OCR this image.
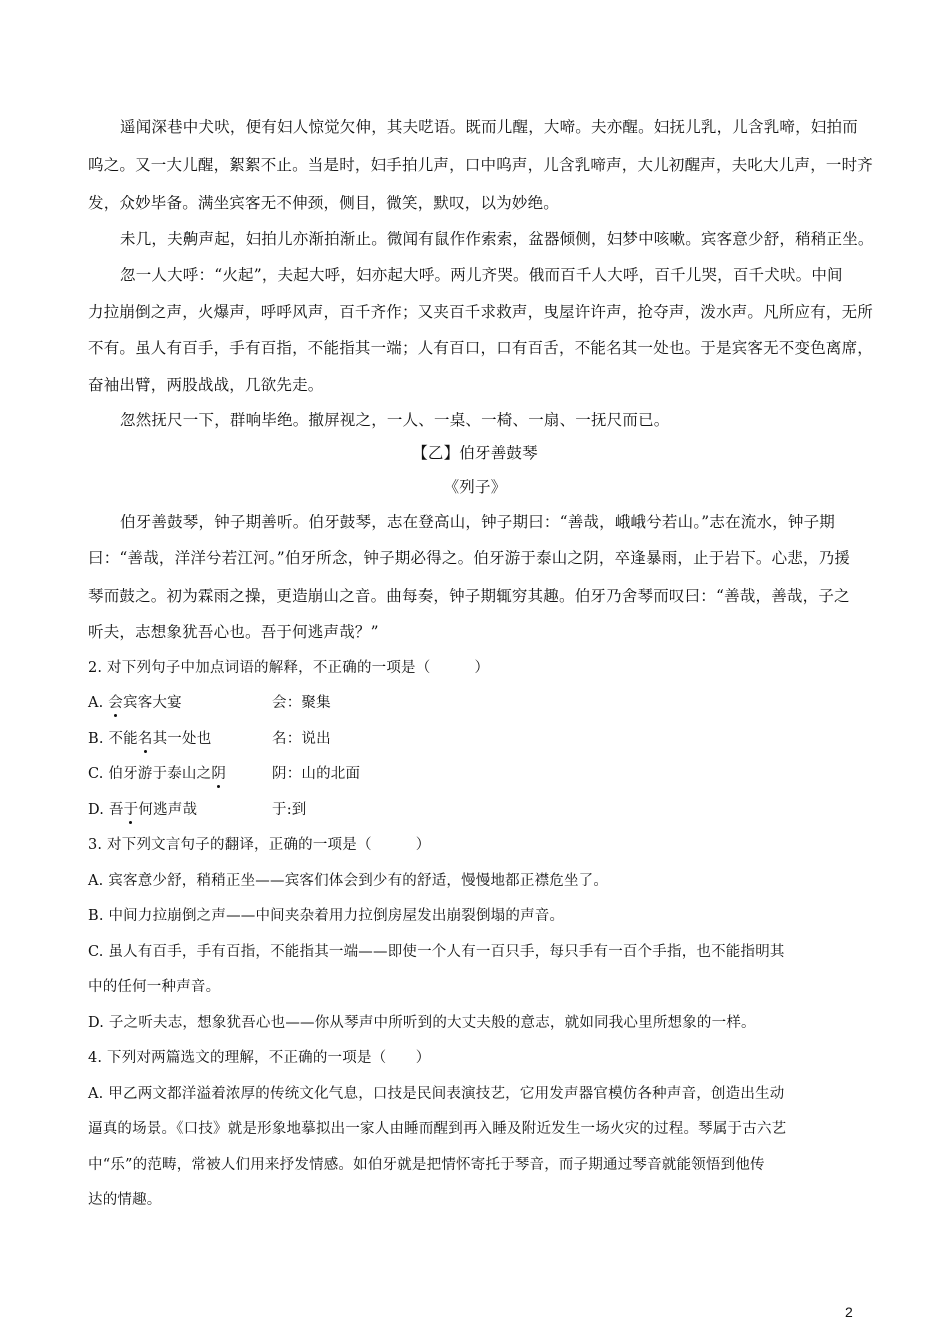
遥闻深巷中犬吠，便有妇人惊觉欠伸，其夫呓语。既而儿醒，大啼。夫亦醒。妇抚儿乳，儿含乳啼，妇拍而
呜之。又一大儿醒，絮絮不止。当是时，妇手拍儿声，口中呜声，儿含乳啼声，大儿初醒声，夫叱大儿声，一时齐
发，众妙毕备。满坐宾客无不伸颈，侧目，微笑，默叹，以为妙绝。
未几，夫齁声起，妇拍儿亦渐拍渐止。微闻有鼠作作索索，盆器倾侧，妇梦中咳嗽。宾客意少舒，稍稍正坐。
忽一人大呼：“火起”，夫起大呼，妇亦起大呼。两儿齐哭。俄而百千人大呼，百千儿哭，百千犬吠。中间
力拉崩倒之声，火爆声，呼呼风声，百千齐作；又夹百千求救声，曳屋许许声，抢夺声，泼水声。凡所应有，无所
不有。虽人有百手，手有百指，不能指其一端；人有百口，口有百舌，不能名其一处也。于是宾客无不变色离席，
奋袖出臂，两股战战，几欲先走。
忽然抚尺一下，群响毕绝。撤屏视之，一人、一桌、一椅、一扇、一抚尺而已。
【乙】伯牙善鼓琴
《列子》
伯牙善鼓琴，钟子期善听。伯牙鼓琴，志在登高山，钟子期曰：“善哉，峨峨兮若山。”志在流水，钟子期
曰：“善哉，洋洋兮若江河。”伯牙所念，钟子期必得之。伯牙游于泰山之阴，卒逢暴雨，止于岩下。心悲，乃援
琴而鼓之。初为霖雨之操，更造崩山之音。曲每奏，钟子期辄穷其趣。伯牙乃舍琴而叹曰：“善哉，善哉，子之
听夫，志想象犹吾心也。吾于何逃声哉？”
2. 对下列句子中加点词语的解释，不正确的一项是（　　　）
A. 会宾客大宴	会：聚集
B. 不能名其一处也	名：说出
C. 伯牙游于泰山之阴	阴：山的北面
D. 吾于何逃声哉	于:到
3. 对下列文言句子的翻译，正确的一项是（　　　）
A. 宾客意少舒，稍稍正坐——宾客们体会到少有的舒适，慢慢地都正襟危坐了。
B. 中间力拉崩倒之声——中间夹杂着用力拉倒房屋发出崩裂倒塌的声音。
C. 虽人有百手，手有百指，不能指其一端——即使一个人有一百只手，每只手有一百个手指，也不能指明其
中的任何一种声音。
D. 子之听夫志，想象犹吾心也——你从琴声中所听到的大丈夫般的意志，就如同我心里所想象的一样。
4. 下列对两篇选文的理解，不正确的一项是（　　）
A. 甲乙两文都洋溢着浓厚的传统文化气息，口技是民间表演技艺，它用发声器官模仿各种声音，创造出生动
逼真的场景。《口技》就是形象地摹拟出一家人由睡而醒到再入睡及附近发生一场火灾的过程。琴属于古六艺
中“乐”的范畴，常被人们用来抒发情感。如伯牙就是把情怀寄托于琴音，而子期通过琴音就能领悟到他传
达的情趣。
2
